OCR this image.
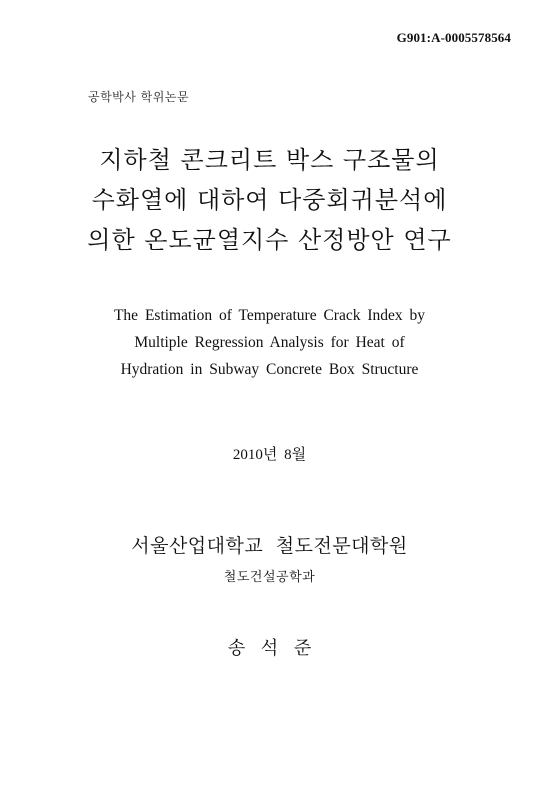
G901:A-0005578564
공학박사 학위논문
지하철 콘크리트 박스 구조물의
수화열에 대하여 다중회귀분석에
의한 온도균열지수 산정방안 연구
The Estimation of Temperature Crack Index by
Multiple Regression Analysis for Heat of
Hydration in Subway Concrete Box Structure
2010년 8월
서울산업대학교 철도전문대학원
철도건설공학과
송 석 준
